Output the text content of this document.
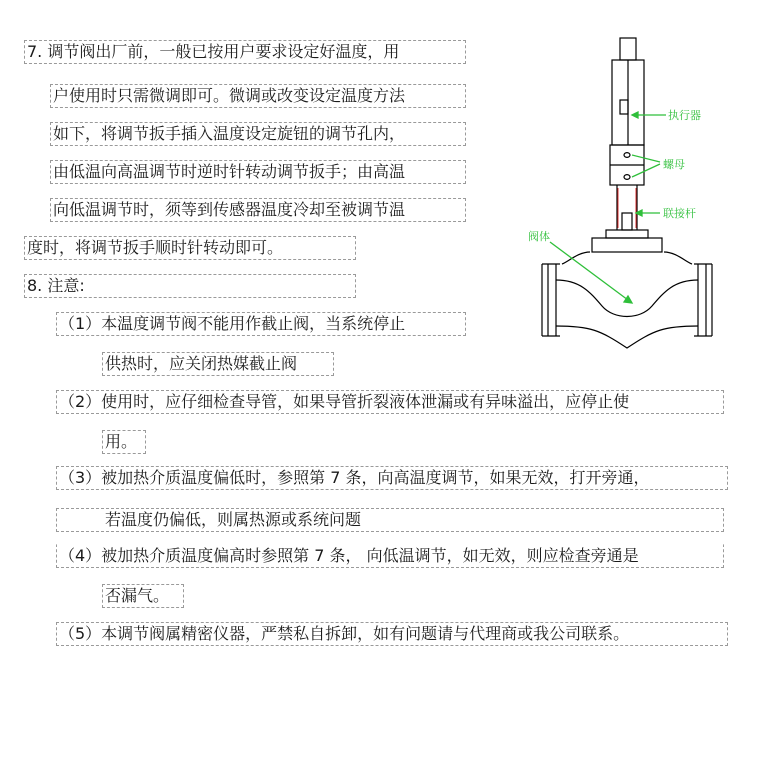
7. 调节阀出厂前，一般已按用户要求设定好温度，用
户使用时只需微调即可。微调或改变设定温度方法
如下，将调节扳手插入温度设定旋钮的调节孔内，
由低温向高温调节时逆时针转动调节扳手；由高温
向低温调节时，须等到传感器温度冷却至被调节温
度时，将调节扳手顺时针转动即可。
8. 注意:
（1）本温度调节阀不能用作截止阀，当系统停止
供热时，应关闭热媒截止阀
（2）使用时，应仔细检查导管，如果导管折裂液体泄漏或有异味溢出，应停止使
用。
（3）被加热介质温度偏低时，参照第 7 条，向高温度调节，如果无效，打开旁通，
若温度仍偏低，则属热源或系统问题
（4）被加热介质温度偏高时参照第 7 条， 向低温调节，如无效，则应检查旁通是
否漏气。
（5）本调节阀属精密仪器，严禁私自拆卸，如有问题请与代理商或我公司联系。
执行器
螺母
联接杆
阀体
